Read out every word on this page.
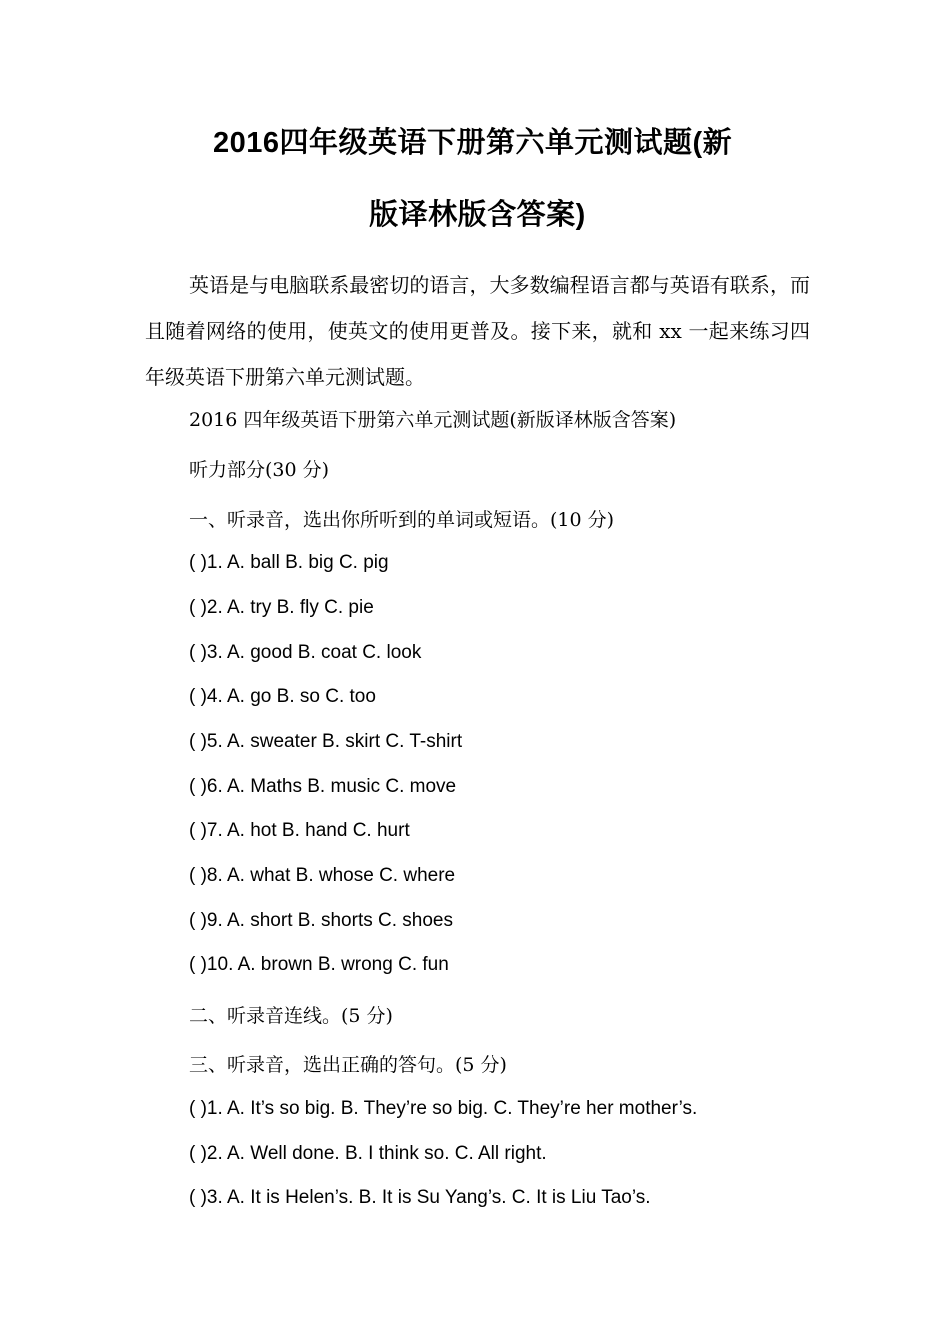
2016四年级英语下册第六单元测试题(新
版译林版含答案)
英语是与电脑联系最密切的语言，大多数编程语言都与英语有联系，而且随着网络的使用，使英文的使用更普及。接下来，就和 xx 一起来练习四年级英语下册第六单元测试题。
2016 四年级英语下册第六单元测试题(新版译林版含答案)
听力部分(30 分)
一、听录音，选出你所听到的单词或短语。(10 分)
( )1. A. ball B. big C. pig
( )2. A. try B. fly C. pie
( )3. A. good B. coat C. look
( )4. A. go B. so C. too
( )5. A. sweater B. skirt C. T-shirt
( )6. A. Maths B. music C. move
( )7. A. hot B. hand C. hurt
( )8. A. what B. whose C. where
( )9. A. short B. shorts C. shoes
( )10. A. brown B. wrong C. fun
二、听录音连线。(5 分)
三、听录音，选出正确的答句。(5 分)
( )1. A. It’s so big. B. They’re so big. C. They’re her mother’s.
( )2. A. Well done. B. I think so. C. All right.
( )3. A. It is Helen’s. B. It is Su Yang’s. C. It is Liu Tao’s.
